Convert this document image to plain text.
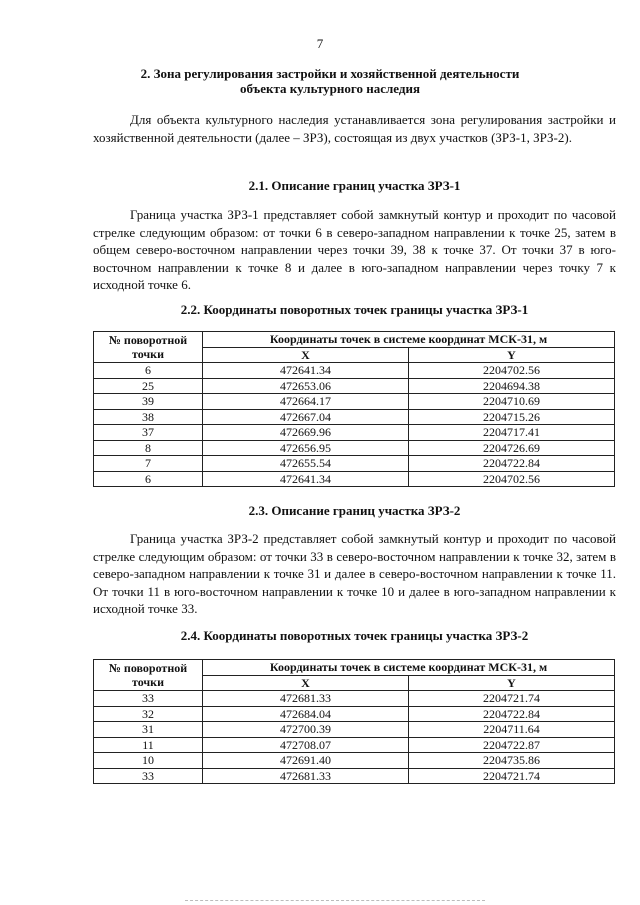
7
2. Зона регулирования застройки и хозяйственной деятельности
объекта культурного наследия
Для объекта культурного наследия устанавливается зона регулирования застройки и хозяйственной деятельности (далее – ЗРЗ), состоящая из двух участков (ЗРЗ-1, ЗРЗ-2).
2.1. Описание границ участка ЗРЗ-1
Граница участка ЗРЗ-1 представляет собой замкнутый контур и проходит по часовой стрелке следующим образом: от точки 6 в северо-западном направлении к точке 25, затем в общем северо-восточном направлении через точки 39, 38 к точке 37. От точки 37 в юго-восточном направлении к точке 8 и далее в юго-западном направлении через точку 7 к исходной точке 6.
2.2. Координаты поворотных точек границы участка ЗРЗ-1
№ поворотной точки	Координаты точек в системе координат МСК-31, м	
	X	Y
6	472641.34	2204702.56
25	472653.06	2204694.38
39	472664.17	2204710.69
38	472667.04	2204715.26
37	472669.96	2204717.41
8	472656.95	2204726.69
7	472655.54	2204722.84
6	472641.34	2204702.56
2.3. Описание границ участка ЗРЗ-2
Граница участка ЗРЗ-2 представляет собой замкнутый контур и проходит по часовой стрелке следующим образом: от точки 33 в северо-восточном направлении к точке 32, затем в северо-западном направлении к точке 31 и далее в северо-восточном направлении к точке 11. От точки 11 в юго-восточном направлении к точке 10 и далее в юго-западном направлении к исходной точке 33.
2.4. Координаты поворотных точек границы участка ЗРЗ-2
№ поворотной точки	Координаты точек в системе координат МСК-31, м	
	X	Y
33	472681.33	2204721.74
32	472684.04	2204722.84
31	472700.39	2204711.64
11	472708.07	2204722.87
10	472691.40	2204735.86
33	472681.33	2204721.74
